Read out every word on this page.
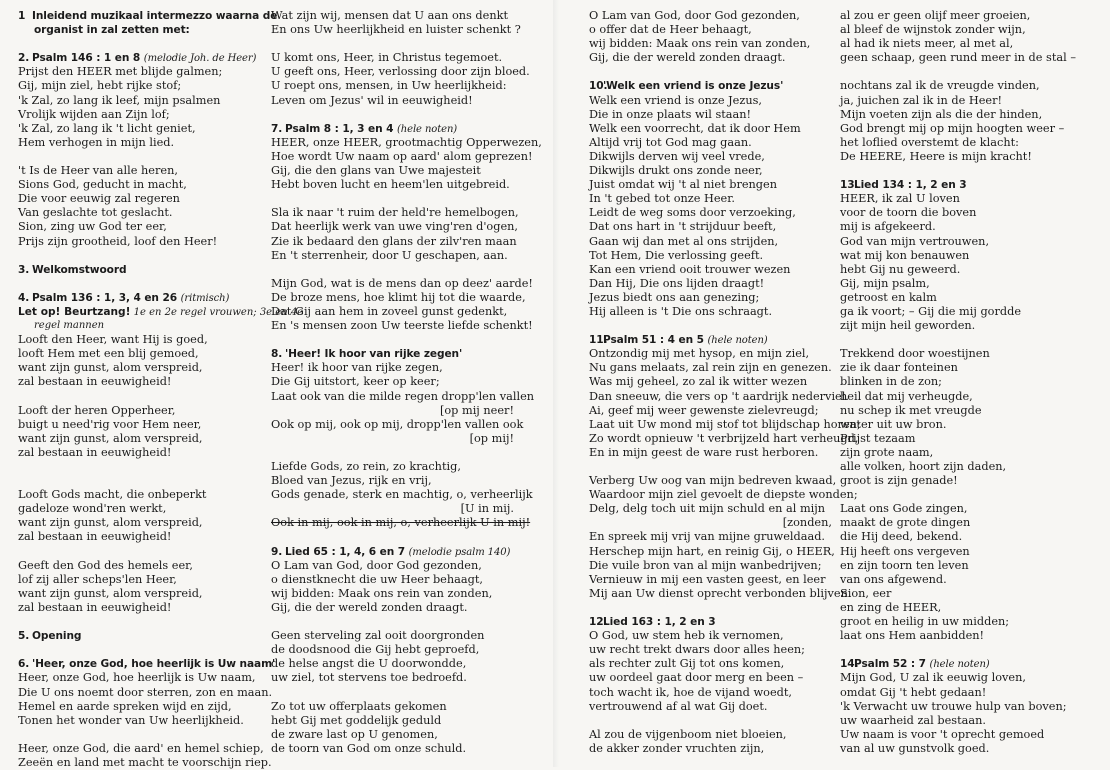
1 Inleidend muzikaal intermezzo waarna de
organist in zal zetten met:
2. Psalm 146 : 1 en 8 (melodie Joh. de Heer)
Prijst den HEER met blijde galmen;
Gij, mijn ziel, hebt rijke stof;
'k Zal, zo lang ik leef, mijn psalmen
Vrolijk wijden aan Zijn lof;
'k Zal, zo lang ik 't licht geniet,
Hem verhogen in mijn lied.
't Is de Heer van alle heren,
Sions God, geducht in macht,
Die voor eeuwig zal regeren
Van geslachte tot geslacht.
Sion, zing uw God ter eer,
Prijs zijn grootheid, loof den Heer!
3. Welkomstwoord
4. Psalm 136 : 1, 3, 4 en 26 (ritmisch)
Let op! Beurtzang! 1e en 2e regel vrouwen; 3e en 4e
regel mannen
Looft den Heer, want Hij is goed,
looft Hem met een blij gemoed,
want zijn gunst, alom verspreid,
zal bestaan in eeuwigheid!
Looft der heren Opperheer,
buigt u need'rig voor Hem neer,
want zijn gunst, alom verspreid,
zal bestaan in eeuwigheid!
Looft Gods macht, die onbeperkt
gadeloze wond'ren werkt,
want zijn gunst, alom verspreid,
zal bestaan in eeuwigheid!
Geeft den God des hemels eer,
lof zij aller scheps'len Heer,
want zijn gunst, alom verspreid,
zal bestaan in eeuwigheid!
5. Opening
6. 'Heer, onze God, hoe heerlijk is Uw naam'
Heer, onze God, hoe heerlijk is Uw naam,
Die U ons noemt door sterren, zon en maan.
Hemel en aarde spreken wijd en zijd,
Tonen het wonder van Uw heerlijkheid.
Heer, onze God, die aard' en hemel schiep,
Zeeën en land met macht te voorschijn riep.
Wat zijn wij, mensen dat U aan ons denkt
En ons Uw heerlijkheid en luister schenkt ?
U komt ons, Heer, in Christus tegemoet.
U geeft ons, Heer, verlossing door zijn bloed.
U roept ons, mensen, in Uw heerlijkheid:
Leven om Jezus' wil in eeuwigheid!
7. Psalm 8 : 1, 3 en 4 (hele noten)
HEER, onze HEER, grootmachtig Opperwezen,
Hoe wordt Uw naam op aard' alom geprezen!
Gij, die den glans van Uwe majesteit
Hebt boven lucht en heem'len uitgebreid.
Sla ik naar 't ruim der held're hemelbogen,
Dat heerlijk werk van uwe ving'ren d'ogen,
Zie ik bedaard den glans der zilv'ren maan
En 't sterrenheir, door U geschapen, aan.
Mijn God, wat is de mens dan op deez' aarde!
De broze mens, hoe klimt hij tot die waarde,
Dat Gij aan hem in zoveel gunst gedenkt,
En 's mensen zoon Uw teerste liefde schenkt!
8. 'Heer! Ik hoor van rijke zegen'
Heer! ik hoor van rijke zegen,
Die Gij uitstort, keer op keer;
Laat ook van die milde regen dropp'len vallen
[op mij neer!
Ook op mij, ook op mij, dropp'len vallen ook
[op mij!
Liefde Gods, zo rein, zo krachtig,
Bloed van Jezus, rijk en vrij,
Gods genade, sterk en machtig, o, verheerlijk
[U in mij.
Ook in mij, ook in mij, o, verheerlijk U in mij!
9. Lied 65 : 1, 4, 6 en 7 (melodie psalm 140)
O Lam van God, door God gezonden,
o dienstknecht die uw Heer behaagt,
wij bidden: Maak ons rein van zonden,
Gij, die der wereld zonden draagt.
Geen sterveling zal ooit doorgronden
de doodsnood die Gij hebt geproefd,
de helse angst die U doorwondde,
uw ziel, tot stervens toe bedroefd.
Zo tot uw offerplaats gekomen
hebt Gij met goddelijk geduld
de zware last op U genomen,
de toorn van God om onze schuld.
O Lam van God, door God gezonden,
o offer dat de Heer behaagt,
wij bidden: Maak ons rein van zonden,
Gij, die der wereld zonden draagt.
10.'Welk een vriend is onze Jezus'
Welk een vriend is onze Jezus,
Die in onze plaats wil staan!
Welk een voorrecht, dat ik door Hem
Altijd vrij tot God mag gaan.
Dikwijls derven wij veel vrede,
Dikwijls drukt ons zonde neer,
Juist omdat wij 't al niet brengen
In 't gebed tot onze Heer.
Leidt de weg soms door verzoeking,
Dat ons hart in 't strijduur beeft,
Gaan wij dan met al ons strijden,
Tot Hem, Die verlossing geeft.
Kan een vriend ooit trouwer wezen
Dan Hij, Die ons lijden draagt!
Jezus biedt ons aan genezing;
Hij alleen is 't Die ons schraagt.
11.Psalm 51 : 4 en 5 (hele noten)
Ontzondig mij met hysop, en mijn ziel,
Nu gans melaats, zal rein zijn en genezen.
Was mij geheel, zo zal ik witter wezen
Dan sneeuw, die vers op 't aardrijk nederviel.
Ai, geef mij weer gewenste zielevreugd;
Laat uit Uw mond mij stof tot blijdschap horen;
Zo wordt opnieuw 't verbrijzeld hart verheugd,
En in mijn geest de ware rust herboren.
Verberg Uw oog van mijn bedreven kwaad,
Waardoor mijn ziel gevoelt de diepste wonden;
Delg, delg toch uit mijn schuld en al mijn
[zonden,
En spreek mij vrij van mijne gruweldaad.
Herschep mijn hart, en reinig Gij, o HEER,
Die vuile bron van al mijn wanbedrijven;
Vernieuw in mij een vasten geest, en leer
Mij aan Uw dienst oprecht verbonden blijven.
12.Lied 163 : 1, 2 en 3
O God, uw stem heb ik vernomen,
uw recht trekt dwars door alles heen;
als rechter zult Gij tot ons komen,
uw oordeel gaat door merg en been –
toch wacht ik, hoe de vijand woedt,
vertrouwend af al wat Gij doet.
Al zou de vijgenboom niet bloeien,
de akker zonder vruchten zijn,
al zou er geen olijf meer groeien,
al bleef de wijnstok zonder wijn,
al had ik niets meer, al met al,
geen schaap, geen rund meer in de stal –
nochtans zal ik de vreugde vinden,
ja, juichen zal ik in de Heer!
Mijn voeten zijn als die der hinden,
God brengt mij op mijn hoogten weer –
het loflied overstemt de klacht:
De HEERE, Heere is mijn kracht!
13.Lied 134 : 1, 2 en 3
HEER, ik zal U loven
voor de toorn die boven
mij is afgekeerd.
God van mijn vertrouwen,
wat mij kon benauwen
hebt Gij nu geweerd.
Gij, mijn psalm,
getroost en kalm
ga ik voort; – Gij die mij gordde
zijt mijn heil geworden.
Trekkend door woestijnen
zie ik daar fonteinen
blinken in de zon;
heil dat mij verheugde,
nu schep ik met vreugde
water uit uw bron.
Prijst tezaam
zijn grote naam,
alle volken, hoort zijn daden,
groot is zijn genade!
Laat ons Gode zingen,
maakt de grote dingen
die Hij deed, bekend.
Hij heeft ons vergeven
en zijn toorn ten leven
van ons afgewend.
Sion, eer
en zing de HEER,
groot en heilig in uw midden;
laat ons Hem aanbidden!
14.Psalm 52 : 7 (hele noten)
Mijn God, U zal ik eeuwig loven,
omdat Gij 't hebt gedaan!
'k Verwacht uw trouwe hulp van boven;
uw waarheid zal bestaan.
Uw naam is voor 't oprecht gemoed
van al uw gunstvolk goed.
